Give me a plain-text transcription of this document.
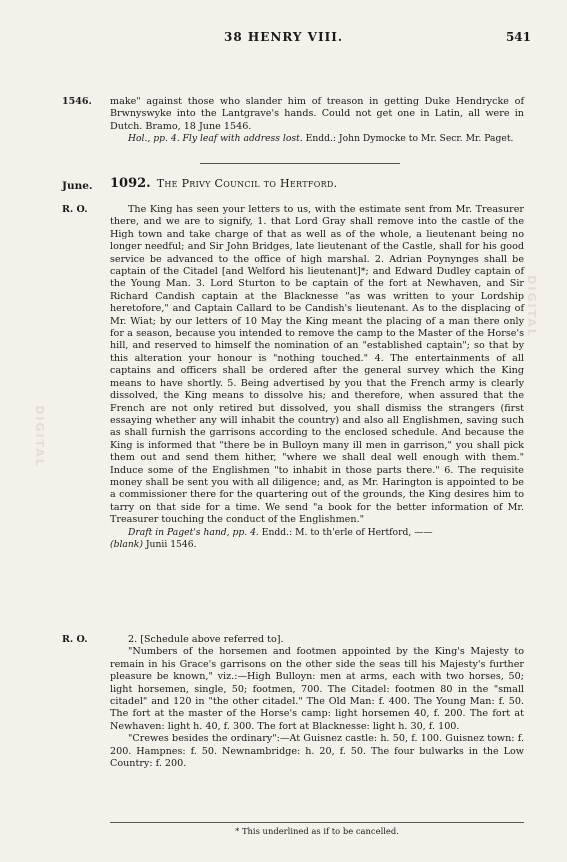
DIGITAL
DIGITAL
38 HENRY VIII.	541
1546. make" against those who slander him of treason in getting Duke Hendrycke of Brwnyswyke into the Lantgrave's hands. Could not get one in Latin, all were in Dutch. Bramo, 18 June 1546.

Hol., pp. 4. Fly leaf with address lost. Endd.: John Dymocke to Mr. Secr. Mr. Paget.

June. 1092. The Privy Council to Hertford.
R. O.	The King has seen your letters to us, with the estimate sent from Mr. Treasurer there, and we are to signify, 1. that Lord Gray shall remove into the castle of the High town and take charge of that as well as of the whole, a lieutenant being no longer needful; and Sir John Bridges, late lieutenant of the Castle, shall for his good service be advanced to the office of high marshal. 2. Adrian Poynynges shall be captain of the Citadel [and Welford his lieutenant]*; and Edward Dudley captain of the Young Man. 3. Lord Sturton to be captain of the fort at Newhaven, and Sir Richard Candish captain at the Blacknesse "as was written to your Lordship heretofore," and Captain Callard to be Candish's lieutenant. As to the displacing of Mr. Wiat; by our letters of 10 May the King meant the placing of a man there only for a season, because you intended to remove the camp to the Master of the Horse's hill, and reserved to himself the nomination of an "established captain"; so that by this alteration your honour is "nothing touched." 4. The entertainments of all captains and officers shall be ordered after the general survey which the King means to have shortly. 5. Being advertised by you that the French army is clearly dissolved, the King means to dissolve his; and therefore, when assured that the French are not only retired but dissolved, you shall dismiss the strangers (first essaying whether any will inhabit the country) and also all Englishmen, saving such as shall furnish the garrisons according to the enclosed schedule. And because the King is informed that "there be in Bulloyn many ill men in garrison," you shall pick them out and send them hither, "where we shall deal well enough with them." Induce some of the Englishmen "to inhabit in those parts there." 6. The requisite money shall be sent you with all diligence; and, as Mr. Harington is appointed to be a commissioner there for the quartering out of the grounds, the King desires him to tarry on that side for a time. We send "a book for the better information of Mr. Treasurer touching the conduct of the Englishmen."

Draft in Paget's hand, pp. 4. Endd.: M. to th'erle of Hertford, ——

(blank) Junii 1546.

R. O.	2. [Schedule above referred to].

"Numbers of the horsemen and footmen appointed by the King's Majesty to remain in his Grace's garrisons on the other side the seas till his Majesty's further pleasure be known," viz.:—High Bulloyn: men at arms, each with two horses, 50; light horsemen, single, 50; footmen, 700. The Citadel: footmen 80 in the "small citadel" and 120 in "the other citadel." The Old Man: f. 400. The Young Man: f. 50. The fort at the master of the Horse's camp: light horsemen 40, f. 200. The fort at Newhaven: light h. 40, f. 300. The fort at Blacknesse: light h. 30, f. 100.

"Crewes besides the ordinary":—At Guisnez castle: h. 50, f. 100. Guisnez town: f. 200. Hampnes: f. 50. Newnambridge: h. 20, f. 50. The four bulwarks in the Low Country: f. 200.

* This underlined as if to be cancelled.
